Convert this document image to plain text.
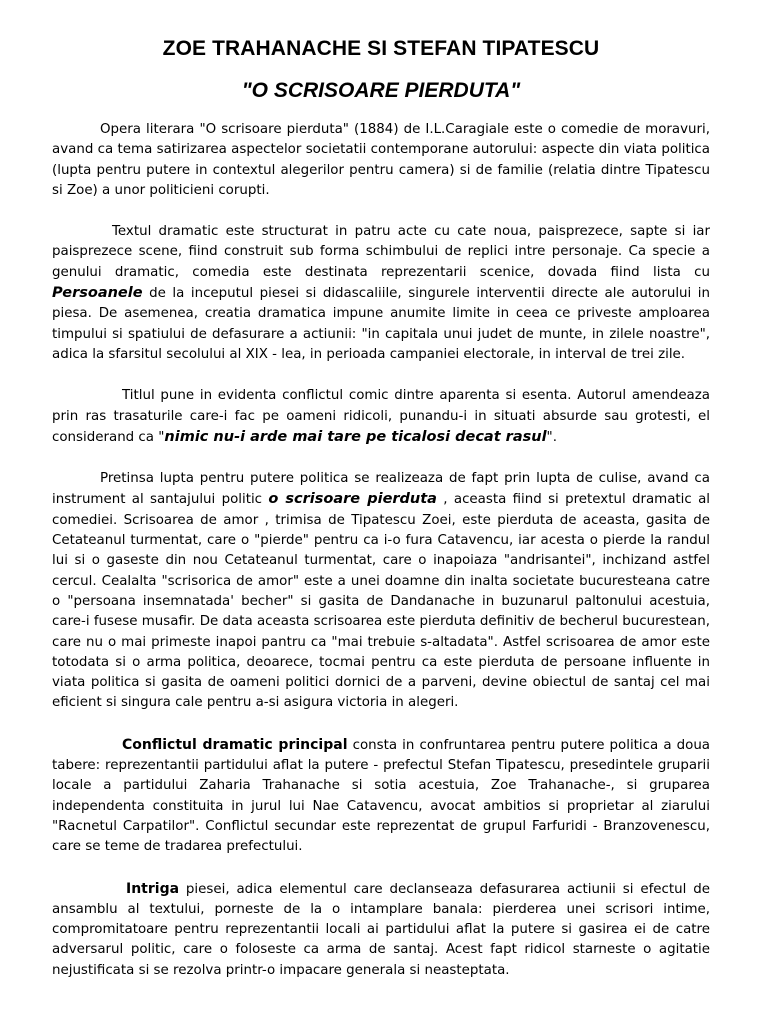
ZOE TRAHANACHE SI STEFAN TIPATESCU
"O SCRISOARE PIERDUTA"

Opera literara "O scrisoare pierduta" (1884) de I.L.Caragiale este o comedie de moravuri, avand ca tema satirizarea aspectelor societatii contemporane autorului: aspecte din viata politica (lupta pentru putere in contextul alegerilor pentru camera) si de familie (relatia dintre Tipatescu si Zoe) a unor politicieni corupti.

Textul dramatic este structurat in patru acte cu cate noua, paisprezece, sapte si iar paisprezece scene, fiind construit sub forma schimbului de replici intre personaje. Ca specie a genului dramatic, comedia este destinata reprezentarii scenice, dovada fiind lista cu Persoanele de la inceputul piesei si didascaliile, singurele interventii directe ale autorului in piesa. De asemenea, creatia dramatica impune anumite limite in ceea ce priveste amploarea timpului si spatiului de defasurare a actiunii: "in capitala unui judet de munte, in zilele noastre", adica la sfarsitul secolului al XIX - lea, in perioada campaniei electorale, in interval de trei zile.

Titlul pune in evidenta conflictul comic dintre aparenta si esenta. Autorul amendeaza prin ras trasaturile care-i fac pe oameni ridicoli, punandu-i in situati absurde sau grotesti, el considerand ca "nimic nu-i arde mai tare pe ticalosi decat rasul".

Pretinsa lupta pentru putere politica se realizeaza de fapt prin lupta de culise, avand ca instrument al santajului politic o scrisoare pierduta , aceasta fiind si pretextul dramatic al comediei. Scrisoarea de amor , trimisa de Tipatescu Zoei, este pierduta de aceasta, gasita de Cetateanul turmentat, care o "pierde" pentru ca i-o fura Catavencu, iar acesta o pierde la randul lui si o gaseste din nou Cetateanul turmentat, care o inapoiaza "andrisantei", inchizand astfel cercul. Cealalta "scrisorica de amor" este a unei doamne din inalta societate bucuresteana catre o "persoana insemnatada' becher" si gasita de Dandanache in buzunarul paltonului acestuia, care-i fusese musafir. De data aceasta scrisoarea este pierduta definitiv de becherul bucurestean, care nu o mai primeste inapoi pantru ca "mai trebuie s-altadata". Astfel scrisoarea de amor este totodata si o arma politica, deoarece, tocmai pentru ca este pierduta de persoane influente in viata politica si gasita de oameni politici dornici de a parveni, devine obiectul de santaj cel mai eficient si singura cale pentru a-si asigura victoria in alegeri.

Conflictul dramatic principal consta in confruntarea pentru putere politica a doua tabere: reprezentantii partidului aflat la putere - prefectul Stefan Tipatescu, presedintele gruparii locale a partidului Zaharia Trahanache si sotia acestuia, Zoe Trahanache-, si gruparea independenta constituita in jurul lui Nae Catavencu, avocat ambitios si proprietar al ziarului "Racnetul Carpatilor". Conflictul secundar este reprezentat de grupul Farfuridi - Branzovenescu, care se teme de tradarea prefectului.

Intriga piesei, adica elementul care declanseaza defasurarea actiunii si efectul de ansamblu al textului, porneste de la o intamplare banala: pierderea unei scrisori intime, compromitatoare pentru reprezentantii locali ai partidului aflat la putere si gasirea ei de catre adversarul politic, care o foloseste ca arma de santaj. Acest fapt ridicol starneste o agitatie nejustificata si se rezolva printr-o impacare generala si neasteptata.
